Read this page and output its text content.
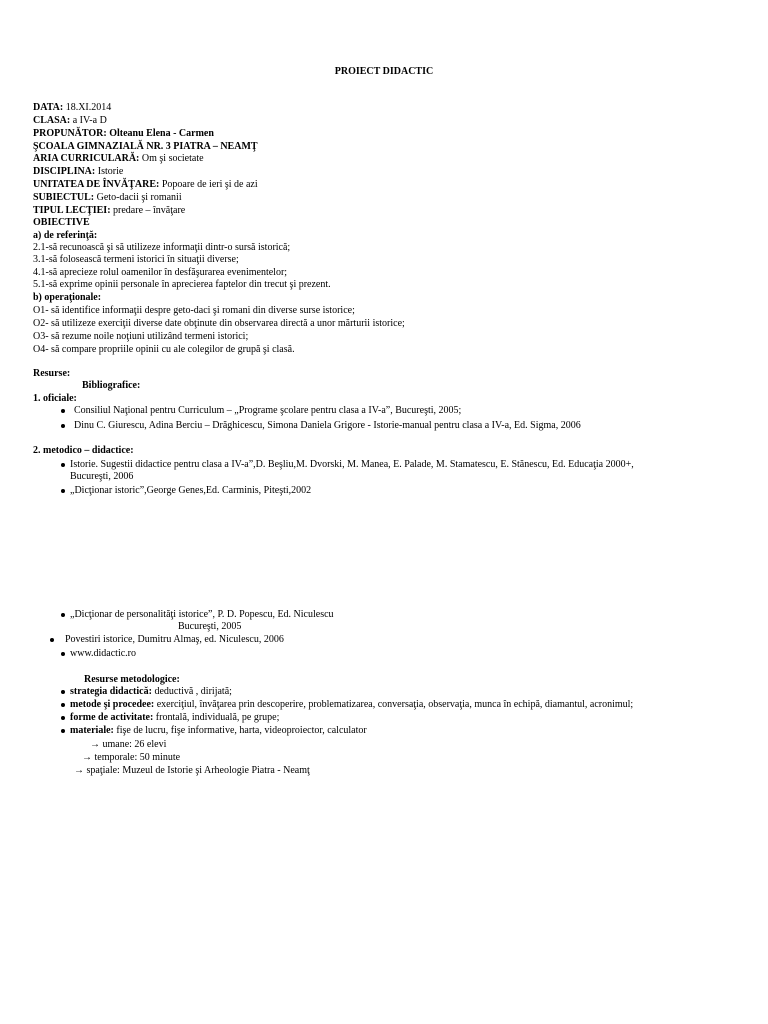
PROIECT DIDACTIC
DATA: 18.XI.2014
CLASA: a IV-a D
PROPUNĂTOR: Olteanu Elena - Carmen
ŞCOALA GIMNAZIALĂ NR. 3 PIATRA – NEAMŢ
ARIA CURRICULARĂ: Om şi societate
DISCIPLINA: Istorie
UNITATEA DE ÎNVĂŢARE: Popoare de ieri şi de azi
SUBIECTUL: Geto-dacii şi romanii
TIPUL LECŢIEI: predare – învăţare
OBIECTIVE
a) de referinţă:
2.1-să recunoască şi să utilizeze informaţii dintr-o sursă istorică;
3.1-să folosească termeni istorici în situaţii diverse;
4.1-să aprecieze rolul oamenilor în desfăşurarea evenimentelor;
5.1-să exprime opinii personale în aprecierea faptelor din trecut şi prezent.
b) operaţionale:
O1- să identifice informaţii despre geto-daci şi romani din diverse surse istorice;
O2- să utilizeze exerciţii diverse date obţinute din observarea directă a unor mărturii istorice;
O3- să rezume noile noţiuni utilizând termeni istorici;
O4- să compare propriile opinii cu ale colegilor de grupă şi clasă.
Resurse:
Bibliografice:
1. oficiale:
Consiliul Naţional pentru Curriculum – „Programe şcolare pentru clasa a IV-a”, Bucureşti, 2005;
Dinu C. Giurescu, Adina Berciu – Drăghicescu, Simona Daniela Grigore - Istorie-manual pentru clasa a IV-a, Ed. Sigma, 2006
2. metodico – didactice:
Istorie. Sugestii didactice pentru clasa a IV-a”,D. Beşliu,M. Dvorski, M. Manea, E. Palade, M. Stamatescu, E. Stănescu, Ed. Educaţia 2000+,
Bucureşti, 2006
„Dicţionar istoric”,George Genes,Ed. Carminis, Piteşti,2002
„Dicţionar de personalităţi istorice”, P. D. Popescu, Ed. Niculescu
Bucureşti, 2005
Povestiri istorice, Dumitru Almaş, ed. Niculescu, 2006
www.didactic.ro
Resurse metodologice:
strategia didactică: deductivă , dirijată;
metode şi procedee: exerciţiul, învăţarea prin descoperire, problematizarea, conversaţia, observaţia, munca în echipă, diamantul, acronimul;
forme de activitate: frontală, individuală, pe grupe;
materiale: fişe de lucru, fişe informative, harta, videoproiector, calculator
→ umane: 26 elevi
→ temporale: 50 minute
→ spaţiale: Muzeul de Istorie şi Arheologie Piatra - Neamţ
